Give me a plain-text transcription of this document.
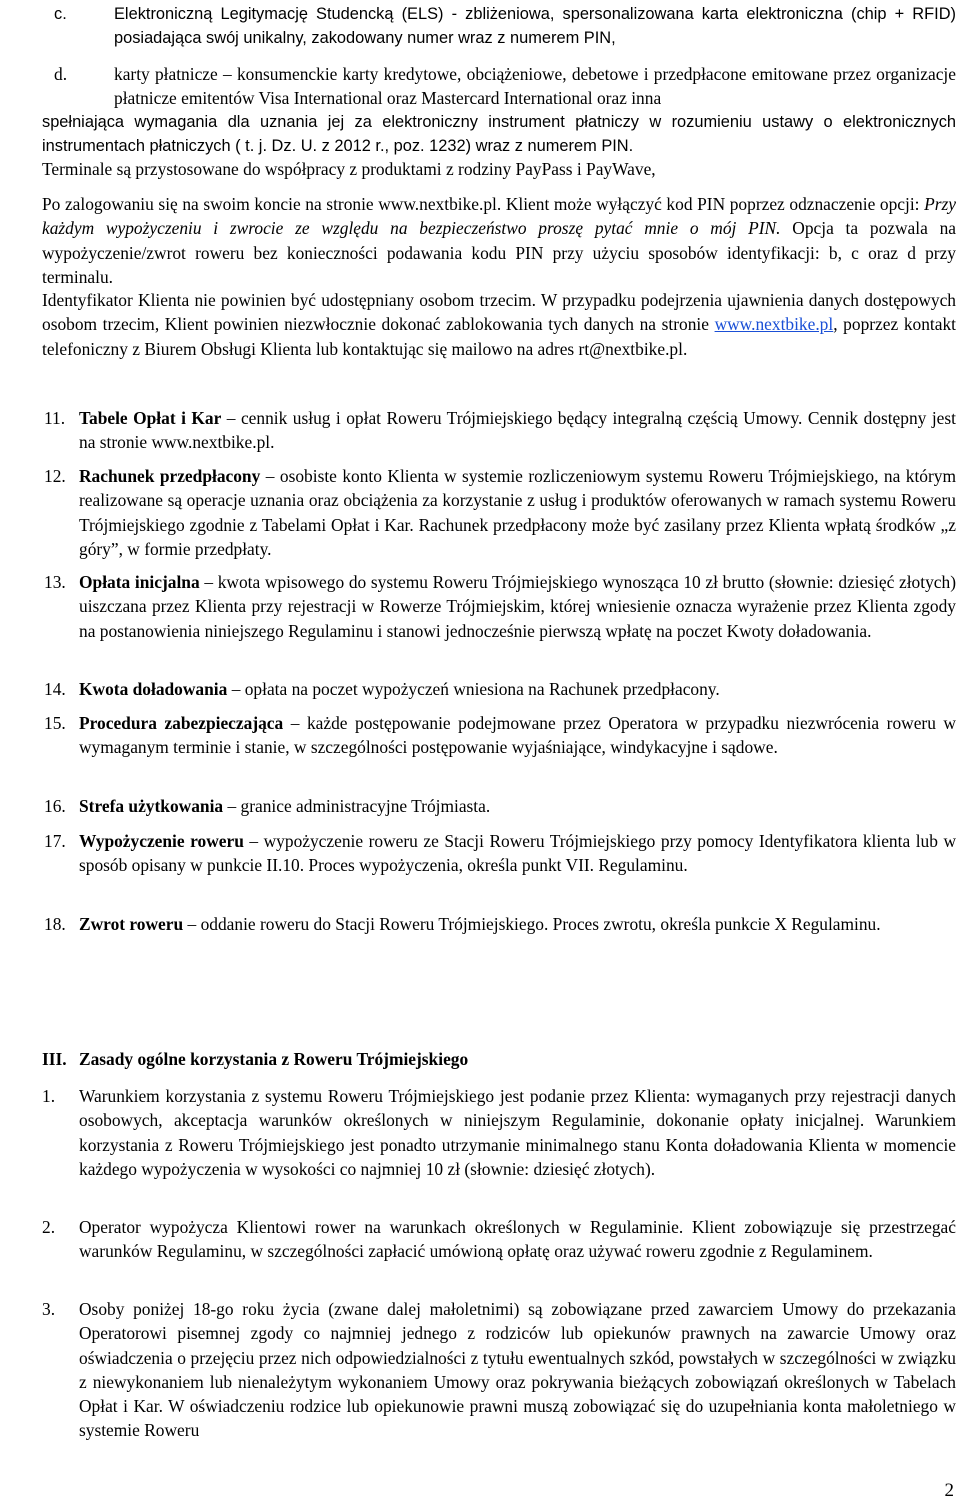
c.	Elektroniczną Legitymację Studencką (ELS) - zbliżeniowa, spersonalizowana karta elektroniczna (chip + RFID) posiadająca swój unikalny, zakodowany numer wraz z numerem PIN,
d.	karty płatnicze – konsumenckie karty kredytowe, obciążeniowe, debetowe i przedpłacone emitowane przez organizacje płatnicze emitentów Visa International oraz Mastercard International oraz inna
spełniająca wymagania dla uznania jej za elektroniczny instrument płatniczy w rozumieniu ustawy o elektronicznych instrumentach płatniczych ( t. j. Dz. U. z 2012 r., poz. 1232) wraz z numerem PIN.
Terminale są przystosowane do współpracy z produktami z rodziny PayPass i PayWave,
Po zalogowaniu się na swoim koncie na stronie www.nextbike.pl. Klient może wyłączyć kod PIN poprzez odznaczenie opcji: Przy każdym wypożyczeniu i zwrocie ze względu na bezpieczeństwo proszę pytać mnie o mój PIN. Opcja ta pozwala na wypożyczenie/zwrot roweru bez konieczności podawania kodu PIN przy użyciu sposobów identyfikacji: b, c oraz d przy terminalu.
Identyfikator Klienta nie powinien być udostępniany osobom trzecim. W przypadku podejrzenia ujawnienia danych dostępowych osobom trzecim, Klient powinien niezwłocznie dokonać zablokowania tych danych na stronie www.nextbike.pl, poprzez kontakt telefoniczny z Biurem Obsługi Klienta lub kontaktując się mailowo na adres rt@nextbike.pl.
11. Tabele Opłat i Kar – cennik usług i opłat Roweru Trójmiejskiego będący integralną częścią Umowy. Cennik dostępny jest na stronie www.nextbike.pl.
12. Rachunek przedpłacony – osobiste konto Klienta w systemie rozliczeniowym systemu Roweru Trójmiejskiego, na którym realizowane są operacje uznania oraz obciążenia za korzystanie z usług i produktów oferowanych w ramach systemu Roweru Trójmiejskiego zgodnie z Tabelami Opłat i Kar. Rachunek przedpłacony może być zasilany przez Klienta wpłatą środków „z góry”, w formie przedpłaty.
13. Opłata inicjalna – kwota wpisowego do systemu Roweru Trójmiejskiego wynosząca 10 zł brutto (słownie: dziesięć złotych) uiszczana przez Klienta przy rejestracji w Rowerze Trójmiejskim, której wniesienie oznacza wyrażenie przez Klienta zgody na postanowienia niniejszego Regulaminu i stanowi jednocześnie pierwszą wpłatę na poczet Kwoty doładowania.
14. Kwota doładowania – opłata na poczet wypożyczeń wniesiona na Rachunek przedpłacony.
15. Procedura zabezpieczająca – każde postępowanie podejmowane przez Operatora w przypadku niezwrócenia roweru w wymaganym terminie i stanie, w szczególności postępowanie wyjaśniające, windykacyjne i sądowe.
16. Strefa użytkowania – granice administracyjne Trójmiasta.
17. Wypożyczenie roweru – wypożyczenie roweru ze Stacji Roweru Trójmiejskiego przy pomocy Identyfikatora klienta lub w sposób opisany w punkcie II.10. Proces wypożyczenia, określa punkt VII. Regulaminu.
18. Zwrot roweru – oddanie roweru do Stacji Roweru Trójmiejskiego. Proces zwrotu, określa punkcie X Regulaminu.
III. Zasady ogólne korzystania z Roweru Trójmiejskiego
1. Warunkiem korzystania z systemu Roweru Trójmiejskiego jest podanie przez Klienta: wymaganych przy rejestracji danych osobowych, akceptacja warunków określonych w niniejszym Regulaminie, dokonanie opłaty inicjalnej. Warunkiem korzystania z Roweru Trójmiejskiego jest ponadto utrzymanie minimalnego stanu Konta doładowania Klienta w momencie każdego wypożyczenia w wysokości co najmniej 10 zł (słownie: dziesięć złotych).
2. Operator wypożycza Klientowi rower na warunkach określonych w Regulaminie. Klient zobowiązuje się przestrzegać warunków Regulaminu, w szczególności zapłacić umówioną opłatę oraz używać roweru zgodnie z Regulaminem.
3. Osoby poniżej 18-go roku życia (zwane dalej małoletnimi) są zobowiązane przed zawarciem Umowy do przekazania Operatorowi pisemnej zgody co najmniej jednego z rodziców lub opiekunów prawnych na zawarcie Umowy oraz oświadczenia o przejęciu przez nich odpowiedzialności z tytułu ewentualnych szkód, powstałych w szczególności w związku z niewykonaniem lub nienależytym wykonaniem Umowy oraz pokrywania bieżących zobowiązań określonych w Tabelach Opłat i Kar. W oświadczeniu rodzice lub opiekunowie prawni muszą zobowiązać się do uzupełniania konta małoletniego w systemie Roweru
2
